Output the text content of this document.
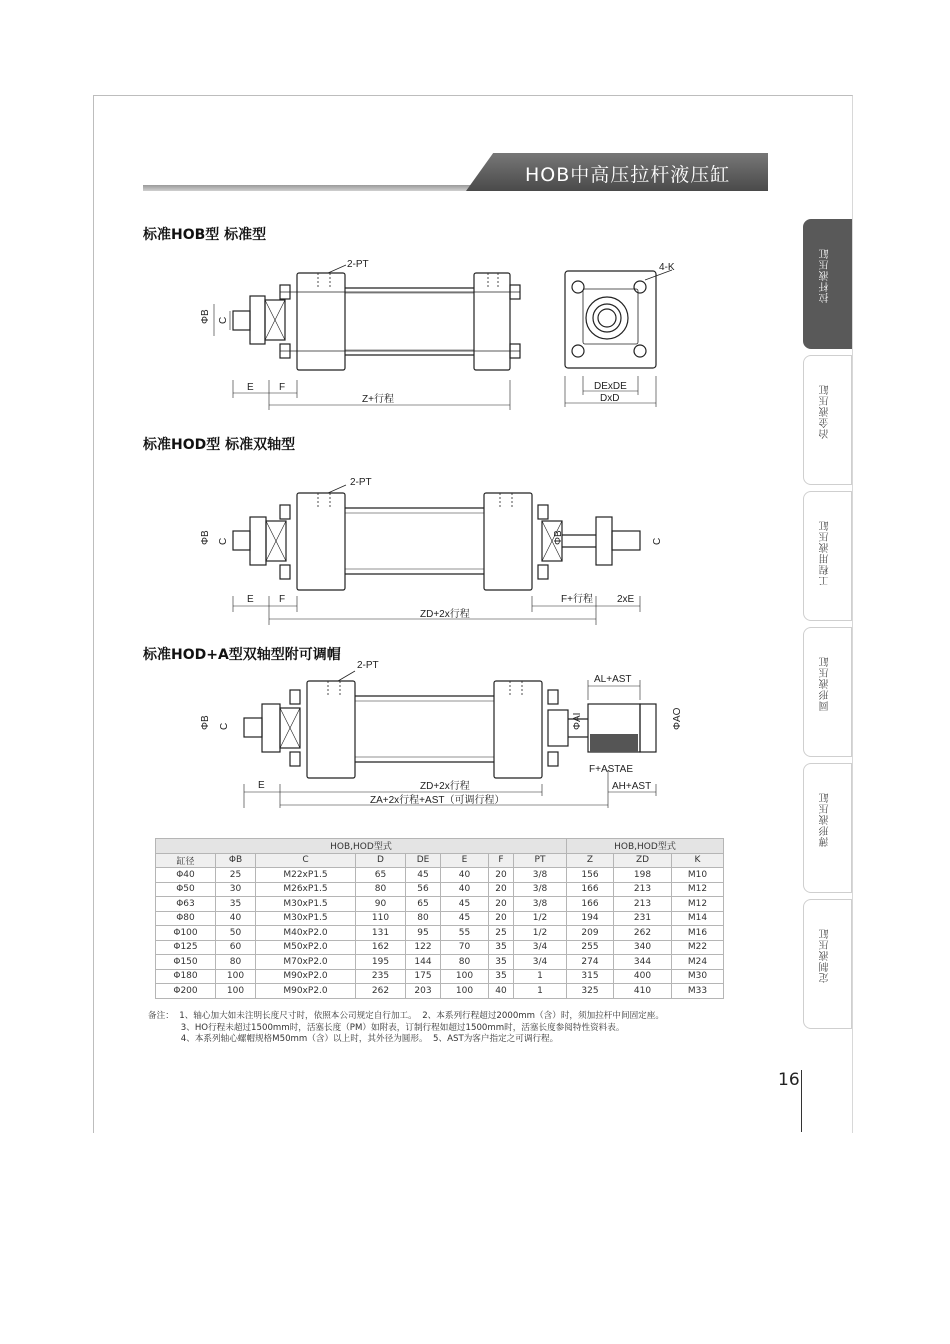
HOB中高压拉杆液压缸
拉杆液压缸
冶金液压缸
工程用液压缸
圆形液压缸
薄形液压缸
定制液压缸
标准HOB型 标准型
标准HOD型 标准双轴型
标准HOD+A型双轴型附可调帽
2-PT
ΦB C
E	F
Z+行程
4-K
DExDE
DxD
2-PT
ΦB C	ΦB	C
E	F	F+行程 2xE
ZD+2x行程
2-PT
ΦB C	ΦAI	ΦAO
AL+AST
F+ASTAE
E	ZD+2x行程	AH+AST
ZA+2x行程+AST（可调行程）
HOB,HOD型式								HOB,HOD型式		
缸径	ΦB	C	D	DE	E	F	PT	Z	ZD	K
Φ40	25	M22xP1.5	65	45	40	20	3/8	156	198	M10
Φ50	30	M26xP1.5	80	56	40	20	3/8	166	213	M12
Φ63	35	M30xP1.5	90	65	45	20	3/8	166	213	M12
Φ80	40	M30xP1.5	110	80	45	20	1/2	194	231	M14
Φ100	50	M40xP2.0	131	95	55	25	1/2	209	262	M16
Φ125	60	M50xP2.0	162	122	70	35	3/4	255	340	M22
Φ150	80	M70xP2.0	195	144	80	35	3/4	274	344	M24
Φ180	100	M90xP2.0	235	175	100	35	1	315	400	M30
Φ200	100	M90xP2.0	262	203	100	40	1	325	410	M33
备注：  1、轴心加大如未注明长度尺寸时，依照本公司规定自行加工。  2、本系列行程超过2000mm（含）时，须加拉杆中间固定座。
3、HO行程未超过1500mm时，活塞长度（PM）如附表，订制行程如超过1500mm时，活塞长度参阅特性资料表。
4、本系列轴心螺帽规格M50mm（含）以上时，其外径为圆形。  5、AST为客户指定之可调行程。
16
